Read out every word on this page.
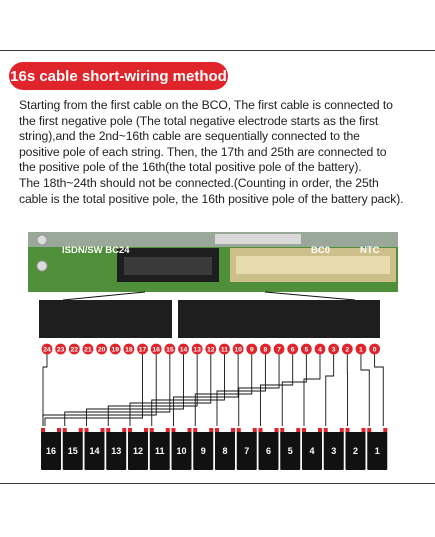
16s cable short-wiring method

Starting from the first cable on the BCO, The first cable is connected to
the first negative pole (The total negative electrode starts as the first
string),and the 2nd~16th cable are sequentially connected to the
positive pole of each string. Then, the 17th and 25th are connected to
the positive pole of the 16th(the total positive pole of the battery).
The 18th~24th should not be connected.(Counting in order, the 25th
cable is the total positive pole, the 16th positive pole of the battery pack).

ISDN/SW BC24	BC0	NTC
24 23 22 21 20 19 18 17 16 15 14 13 12 11 10 9 8 7 6 5 4 3 2 1 0
16 15 14 13 12 11 10 9 8 7 6 5 4 3 2 1
